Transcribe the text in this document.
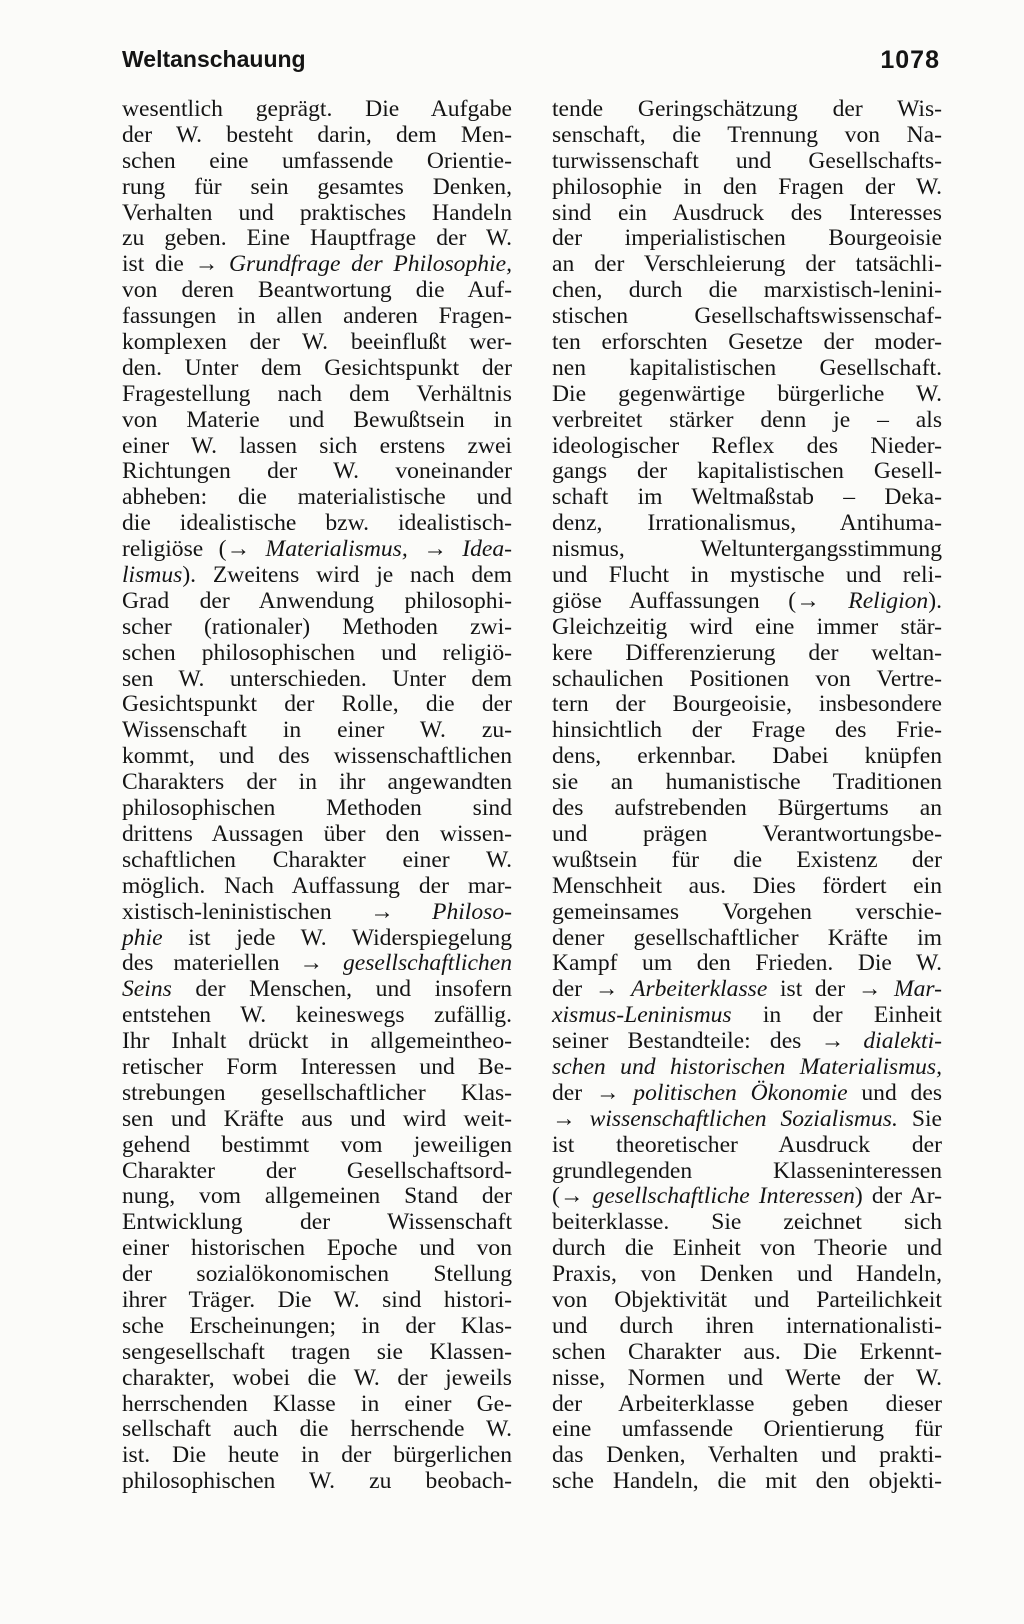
Weltanschauung	1078
wesentlich geprägt. Die Aufgabe
der W. besteht darin, dem Men-
schen eine umfassende Orientie-
rung für sein gesamtes Denken,
Verhalten und praktisches Handeln
zu geben. Eine Hauptfrage der W.
ist die → Grundfrage der Philosophie,
von deren Beantwortung die Auf-
fassungen in allen anderen Fragen-
komplexen der W. beeinflußt wer-
den. Unter dem Gesichtspunkt der
Fragestellung nach dem Verhältnis
von Materie und Bewußtsein in
einer W. lassen sich erstens zwei
Richtungen der W. voneinander
abheben: die materialistische und
die idealistische bzw. idealistisch-
religiöse (→ Materialismus, → Idea-
lismus). Zweitens wird je nach dem
Grad der Anwendung philosophi-
scher (rationaler) Methoden zwi-
schen philosophischen und religiö-
sen W. unterschieden. Unter dem
Gesichtspunkt der Rolle, die der
Wissenschaft in einer W. zu-
kommt, und des wissenschaftlichen
Charakters der in ihr angewandten
philosophischen Methoden sind
drittens Aussagen über den wissen-
schaftlichen Charakter einer W.
möglich. Nach Auffassung der mar-
xistisch-leninistischen → Philoso-
phie ist jede W. Widerspiegelung
des materiellen → gesellschaftlichen
Seins der Menschen, und insofern
entstehen W. keineswegs zufällig.
Ihr Inhalt drückt in allgemeintheo-
retischer Form Interessen und Be-
strebungen gesellschaftlicher Klas-
sen und Kräfte aus und wird weit-
gehend bestimmt vom jeweiligen
Charakter der Gesellschaftsord-
nung, vom allgemeinen Stand der
Entwicklung der Wissenschaft
einer historischen Epoche und von
der sozialökonomischen Stellung
ihrer Träger. Die W. sind histori-
sche Erscheinungen; in der Klas-
sengesellschaft tragen sie Klassen-
charakter, wobei die W. der jeweils
herrschenden Klasse in einer Ge-
sellschaft auch die herrschende W.
ist. Die heute in der bürgerlichen
philosophischen W. zu beobach-
tende Geringschätzung der Wis-
senschaft, die Trennung von Na-
turwissenschaft und Gesellschafts-
philosophie in den Fragen der W.
sind ein Ausdruck des Interesses
der imperialistischen Bourgeoisie
an der Verschleierung der tatsächli-
chen, durch die marxistisch-lenini-
stischen Gesellschaftswissenschaf-
ten erforschten Gesetze der moder-
nen kapitalistischen Gesellschaft.
Die gegenwärtige bürgerliche W.
verbreitet stärker denn je – als
ideologischer Reflex des Nieder-
gangs der kapitalistischen Gesell-
schaft im Weltmaßstab – Deka-
denz, Irrationalismus, Antihuma-
nismus, Weltuntergangsstimmung
und Flucht in mystische und reli-
giöse Auffassungen (→ Religion).
Gleichzeitig wird eine immer stär-
kere Differenzierung der weltan-
schaulichen Positionen von Vertre-
tern der Bourgeoisie, insbesondere
hinsichtlich der Frage des Frie-
dens, erkennbar. Dabei knüpfen
sie an humanistische Traditionen
des aufstrebenden Bürgertums an
und prägen Verantwortungsbe-
wußtsein für die Existenz der
Menschheit aus. Dies fördert ein
gemeinsames Vorgehen verschie-
dener gesellschaftlicher Kräfte im
Kampf um den Frieden. Die W.
der → Arbeiterklasse ist der → Mar-
xismus-Leninismus in der Einheit
seiner Bestandteile: des → dialekti-
schen und historischen Materialismus,
der → politischen Ökonomie und des
→ wissenschaftlichen Sozialismus. Sie
ist theoretischer Ausdruck der
grundlegenden Klasseninteressen
(→ gesellschaftliche Interessen) der Ar-
beiterklasse. Sie zeichnet sich
durch die Einheit von Theorie und
Praxis, von Denken und Handeln,
von Objektivität und Parteilichkeit
und durch ihren internationalisti-
schen Charakter aus. Die Erkennt-
nisse, Normen und Werte der W.
der Arbeiterklasse geben dieser
eine umfassende Orientierung für
das Denken, Verhalten und prakti-
sche Handeln, die mit den objekti-
